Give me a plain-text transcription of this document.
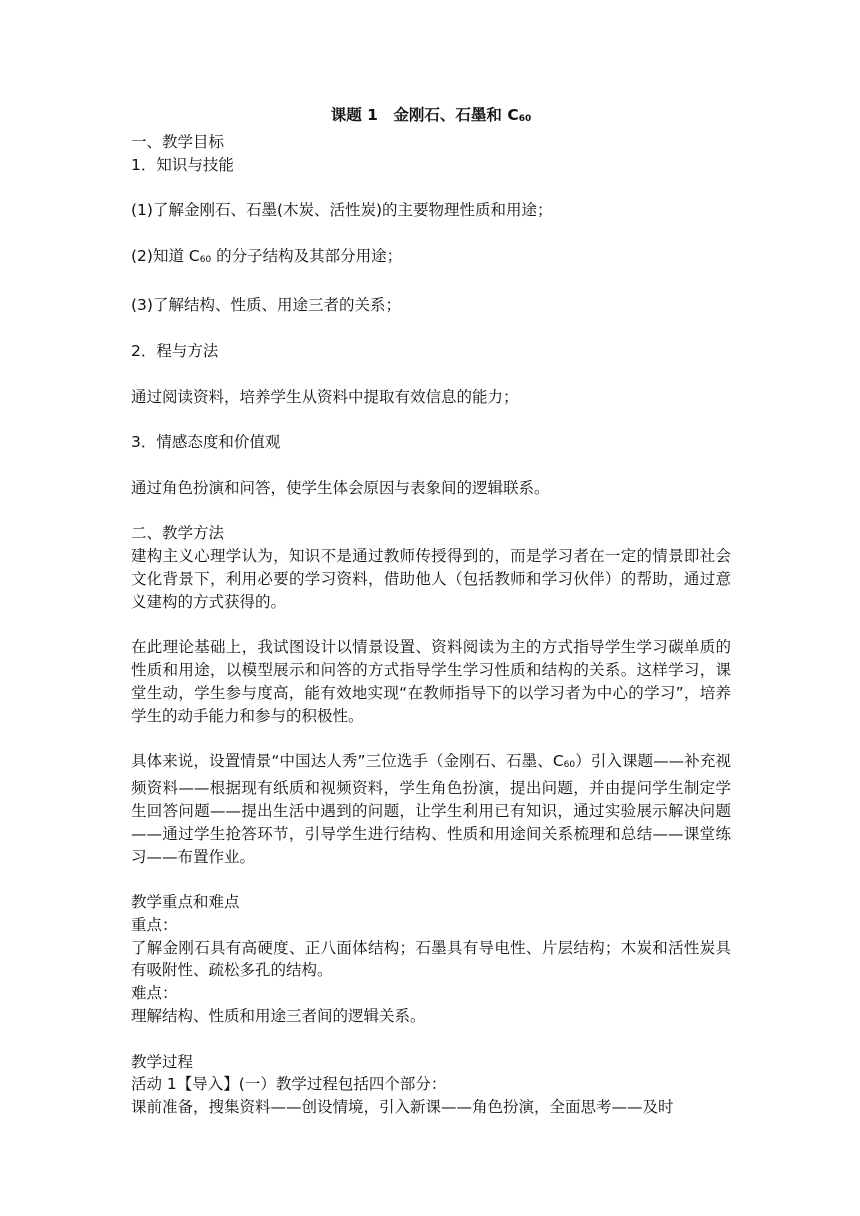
课题 1　金刚石、石墨和 $C_{60}$
一、教学目标
1．知识与技能
(1)了解金刚石、石墨(木炭、活性炭)的主要物理性质和用途；
(2)知道 $C_{60}$ 的分子结构及其部分用途；
(3)了解结构、性质、用途三者的关系；
2．程与方法
通过阅读资料，培养学生从资料中提取有效信息的能力；
3．情感态度和价值观
通过角色扮演和问答，使学生体会原因与表象间的逻辑联系。
二、教学方法
建构主义心理学认为，知识不是通过教师传授得到的，而是学习者在一定的情景即社会文化背景下，利用必要的学习资料，借助他人（包括教师和学习伙伴）的帮助，通过意义建构的方式获得的。
在此理论基础上，我试图设计以情景设置、资料阅读为主的方式指导学生学习碳单质的性质和用途，以模型展示和问答的方式指导学生学习性质和结构的关系。这样学习，课堂生动，学生参与度高，能有效地实现“在教师指导下的以学习者为中心的学习”，培养学生的动手能力和参与的积极性。
具体来说，设置情景“中国达人秀”三位选手（金刚石、石墨、$C_{60}$）引入课题——补充视频资料——根据现有纸质和视频资料，学生角色扮演，提出问题，并由提问学生制定学生回答问题——提出生活中遇到的问题，让学生利用已有知识，通过实验展示解决问题——通过学生抢答环节，引导学生进行结构、性质和用途间关系梳理和总结——课堂练习——布置作业。
教学重点和难点
重点：
了解金刚石具有高硬度、正八面体结构；石墨具有导电性、片层结构；木炭和活性炭具有吸附性、疏松多孔的结构。
难点：
理解结构、性质和用途三者间的逻辑关系。
教学过程
活动 1【导入】(一）教学过程包括四个部分：
课前准备，搜集资料——创设情境，引入新课——角色扮演，全面思考——及时
